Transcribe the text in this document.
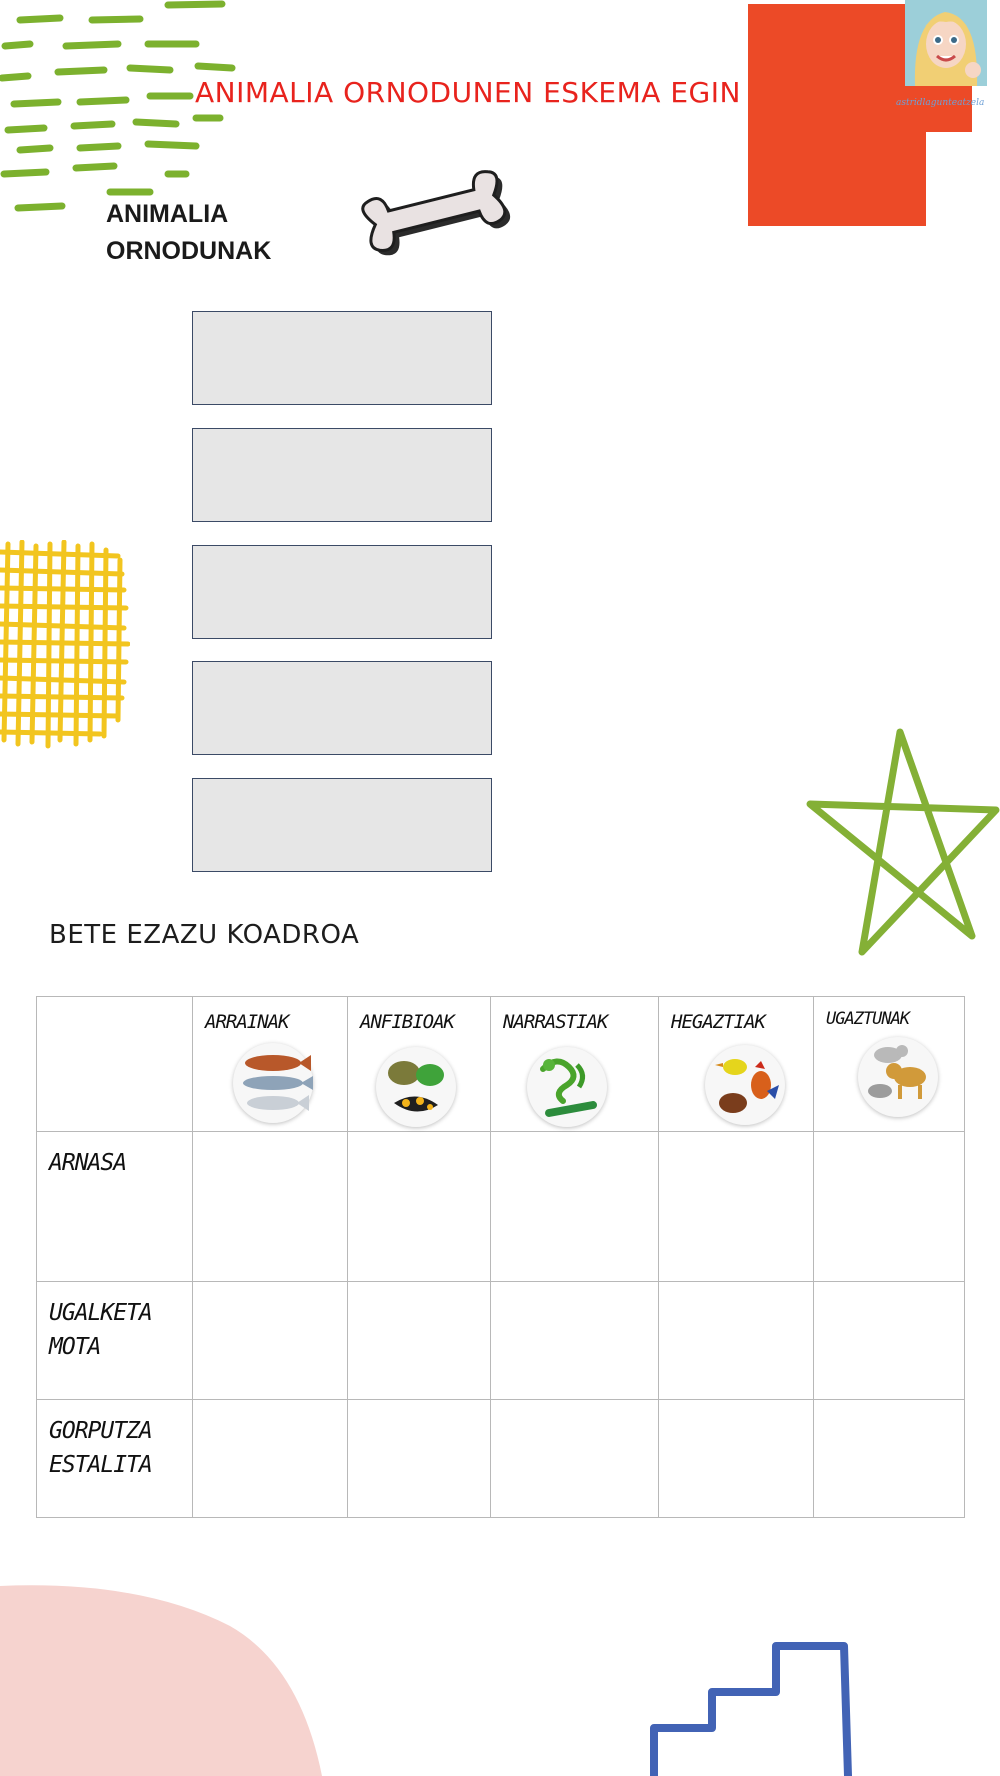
astridlagunteatzela
ANIMALIA ORNODUNEN ESKEMA EGIN
ANIMALIA
ORNODUNAK
BETE EZAZU KOADROA

	ARRAINAK	ANFIBIOAK	NARRASTIAK	HEGAZTIAK	UGAZTUNAK

ARNASA					

UGALKETA
MOTA					

GORPUTZA
ESTALITA					
